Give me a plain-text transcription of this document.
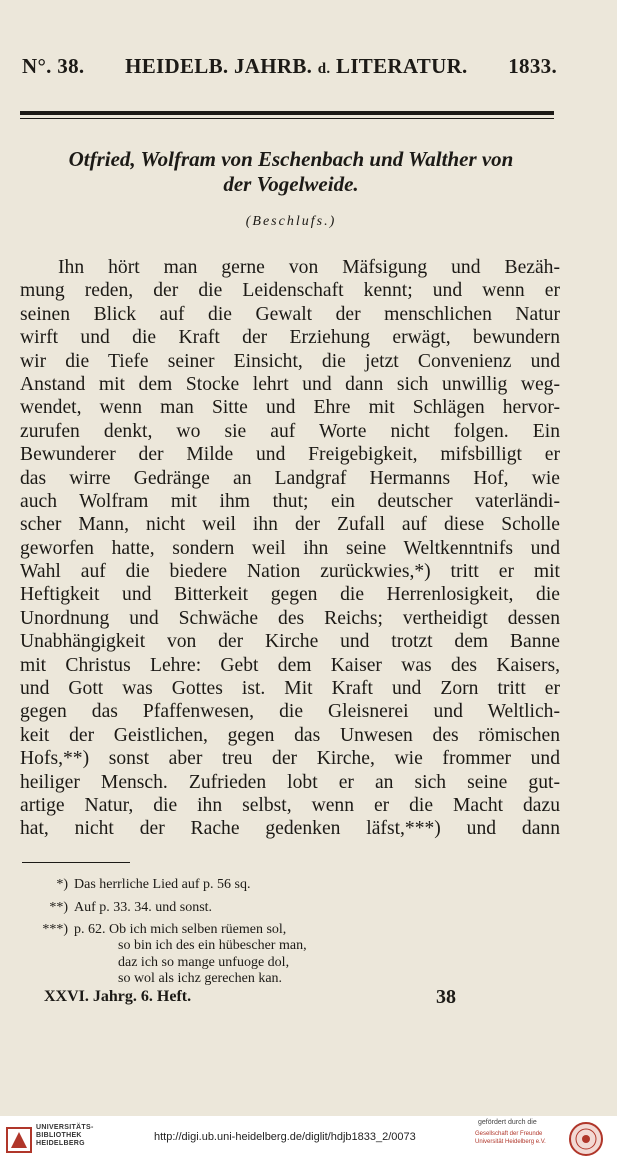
N°. 38. HEIDELB. JAHRB. d. LITERATUR. 1833.
Otfried, Wolfram von Eschenbach und Walther von
der Vogelweide.
(Beschlufs.)
Ihn hört man gerne von Mäfsigung und Bezäh-
mung reden, der die Leidenschaft kennt; und wenn er
seinen Blick auf die Gewalt der menschlichen Natur
wirft und die Kraft der Erziehung erwägt, bewundern
wir die Tiefe seiner Einsicht, die jetzt Convenienz und
Anstand mit dem Stocke lehrt und dann sich unwillig weg-
wendet, wenn man Sitte und Ehre mit Schlägen hervor-
zurufen denkt, wo sie auf Worte nicht folgen. Ein
Bewunderer der Milde und Freigebigkeit, mifsbilligt er
das wirre Gedränge an Landgraf Hermanns Hof, wie
auch Wolfram mit ihm thut; ein deutscher vaterländi-
scher Mann, nicht weil ihn der Zufall auf diese Scholle
geworfen hatte, sondern weil ihn seine Weltkenntnifs und
Wahl auf die biedere Nation zurückwies,*) tritt er mit
Heftigkeit und Bitterkeit gegen die Herrenlosigkeit, die
Unordnung und Schwäche des Reichs; vertheidigt dessen
Unabhängigkeit von der Kirche und trotzt dem Banne
mit Christus Lehre: Gebt dem Kaiser was des Kaisers,
und Gott was Gottes ist. Mit Kraft und Zorn tritt er
gegen das Pfaffenwesen, die Gleisnerei und Weltlich-
keit der Geistlichen, gegen das Unwesen des römischen
Hofs,**) sonst aber treu der Kirche, wie frommer und
heiliger Mensch. Zufrieden lobt er an sich seine gut-
artige Natur, die ihn selbst, wenn er die Macht dazu
hat, nicht der Rache gedenken läfst,***) und dann
*) Das herrliche Lied auf p. 56 sq.
**) Auf p. 33. 34. und sonst.
***) p. 62. Ob ich mich selben rüemen sol,
so bin ich des ein hübescher man,
daz ich so mange unfuoge dol,
so wol als ichz gerechen kan.
XXVI. Jahrg. 6. Heft.	38
UNIVERSITÄTS-
BIBLIOTHEK
HEIDELBERG
http://digi.ub.uni-heidelberg.de/diglit/hdjb1833_2/0073
gefördert durch die
Gesellschaft der Freunde
Universität Heidelberg e.V.
